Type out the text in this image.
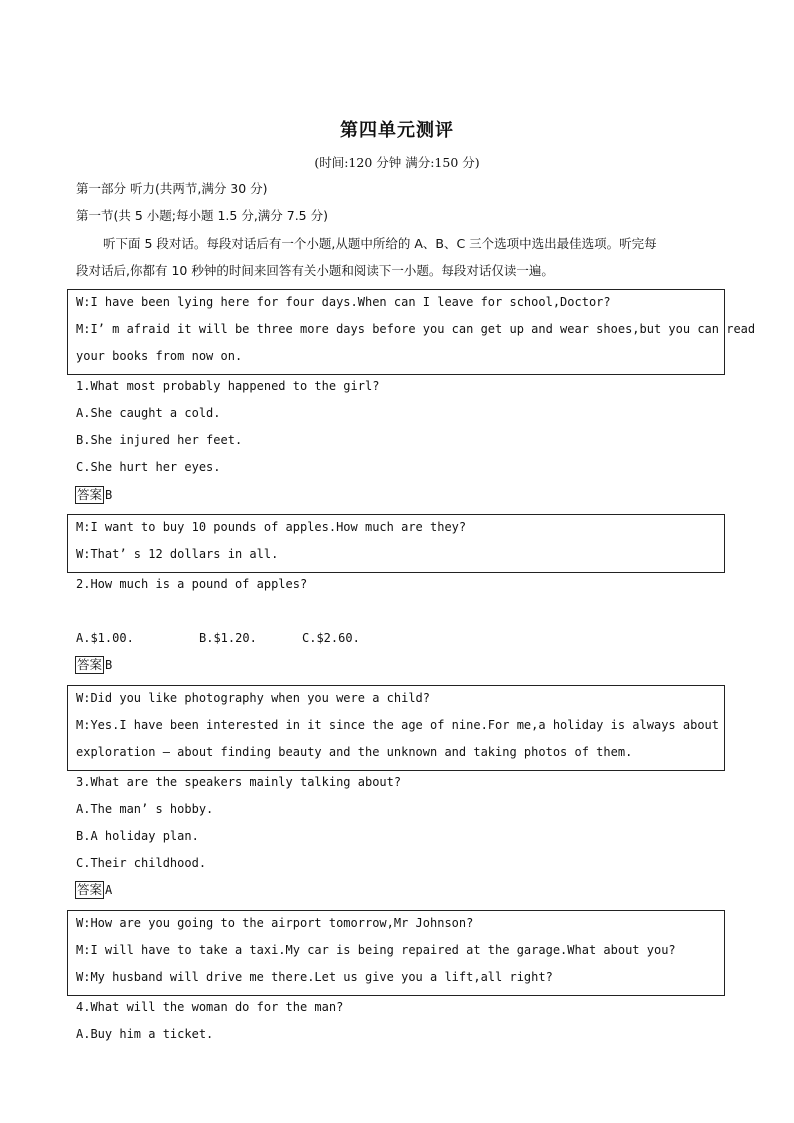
第四单元测评
(时间:120 分钟 满分:150 分)
第一部分 听力(共两节,满分 30 分)
第一节(共 5 小题;每小题 1.5 分,满分 7.5 分)
听下面 5 段对话。每段对话后有一个小题,从题中所给的 A、B、C 三个选项中选出最佳选项。听完每
段对话后,你都有 10 秒钟的时间来回答有关小题和阅读下一小题。每段对话仅读一遍。
W:I have been lying here for four days.When can I leave for school,Doctor?
M:I’ m afraid it will be three more days before you can get up and wear shoes,but you can read
your books from now on.
1.What most probably happened to the girl?
A.She caught a cold.
B.She injured her feet.
C.She hurt her eyes.
答案 B
M:I want to buy 10 pounds of apples.How much are they?
W:That’ s 12 dollars in all.
2.How much is a pound of apples?
A.$1.00.	B.$1.20.	C.$2.60.
答案 B
W:Did you like photography when you were a child?
M:Yes.I have been interested in it since the age of nine.For me,a holiday is always about
exploration — about finding beauty and the unknown and taking photos of them.
3.What are the speakers mainly talking about?
A.The man’ s hobby.
B.A holiday plan.
C.Their childhood.
答案 A
W:How are you going to the airport tomorrow,Mr Johnson?
M:I will have to take a taxi.My car is being repaired at the garage.What about you?
W:My husband will drive me there.Let us give you a lift,all right?
4.What will the woman do for the man?
A.Buy him a ticket.
